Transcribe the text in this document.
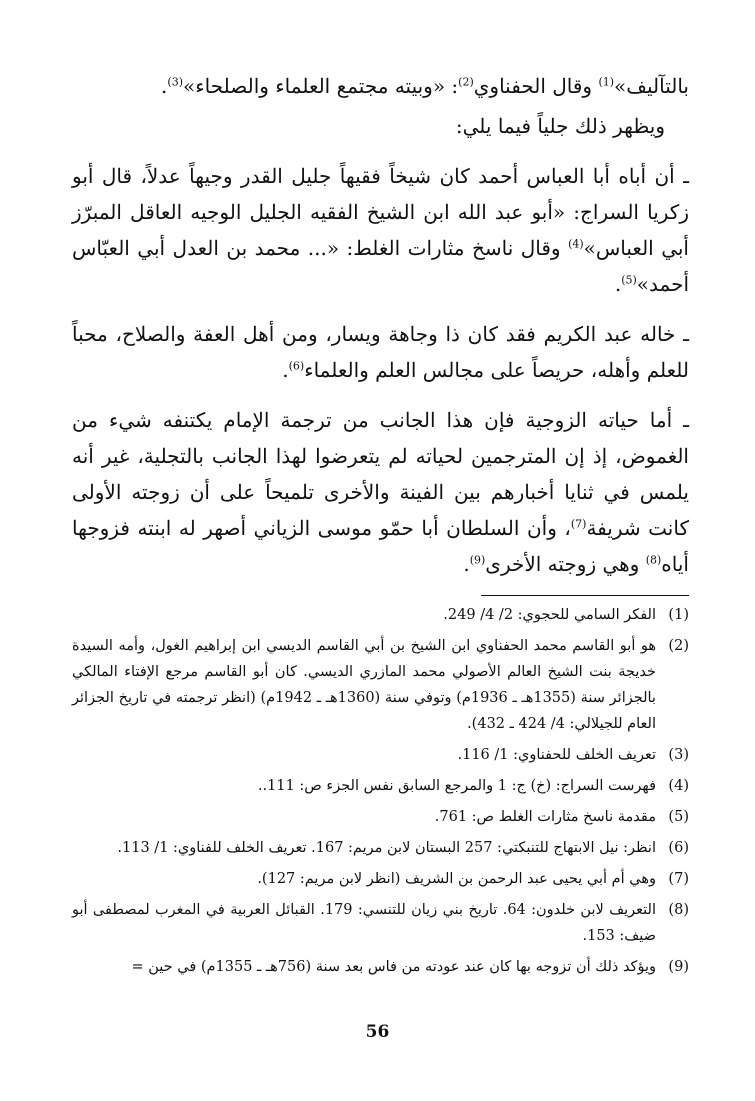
بالتآليف»$^{(1)}$ وقال الحفناوي$^{(2)}$: «وبيته مجتمع العلماء والصلحاء»$^{(3)}$.

ويظهر ذلك جلياً فيما يلي:

ـ أن أباه أبا العباس أحمد كان شيخاً فقيهاً جليل القدر وجيهاً عدلاً، قال أبو زكريا السراج: «أبو عبد الله ابن الشيخ الفقيه الجليل الوجيه العاقل المبرّز أبي العباس»$^{(4)}$ وقال ناسخ مثارات الغلط: «... محمد بن العدل أبي العبّاس أحمد»$^{(5)}$.

ـ خاله عبد الكريم فقد كان ذا وجاهة ويسار، ومن أهل العفة والصلاح، محباً للعلم وأهله، حريصاً على مجالس العلم والعلماء$^{(6)}$.

ـ أما حياته الزوجية فإن هذا الجانب من ترجمة الإمام يكتنفه شيء من الغموض، إذ إن المترجمين لحياته لم يتعرضوا لهذا الجانب بالتجلية، غير أنه يلمس في ثنايا أخبارهم بين الفينة والأخرى تلميحاً على أن زوجته الأولى كانت شريفة$^{(7)}$، وأن السلطان أبا حمّو موسى الزياني أصهر له ابنته فزوجها أياه$^{(8)}$ وهي زوجته الأخرى$^{(9)}$.

(1)
الفكر السامي للحجوي: 2/ 4/ 249.
(2)
هو أبو القاسم محمد الحفناوي ابن الشيخ بن أبي القاسم الديسي ابن إبراهيم الغول، وأمه السيدة خديجة بنت الشيخ العالم الأصولي محمد المازري الديسي. كان أبو القاسم مرجع الإفتاء المالكي بالجزائر سنة (1355هـ ـ 1936م) وتوفي سنة (1360هـ ـ 1942م) (انظر ترجمته في تاريخ الجزائر العام للجيلالي: 4/ 424 ـ 432).
(3)
تعريف الخلف للحفناوي: 1/ 116.
(4)
فهرست السراج: (خ) ج: 1 والمرجع السابق نفس الجزء ص: 111..
(5)
مقدمة ناسخ مثارات الغلط ص: 761.
(6)
انظر: نيل الابتهاج للتنبكتي: 257 البستان لابن مريم: 167. تعريف الخلف للفناوي: 1/ 113.
(7)
وهي أم أبي يحيى عبد الرحمن بن الشريف (انظر لابن مريم: 127).
(8)
التعريف لابن خلدون: 64. تاريخ بني زيان للتنسي: 179. القبائل العربية في المغرب لمصطفى أبو ضيف: 153.
(9)
ويؤكد ذلك أن تزوجه بها كان عند عودته من فاس بعد سنة (756هـ ـ 1355م) في حين =
56
